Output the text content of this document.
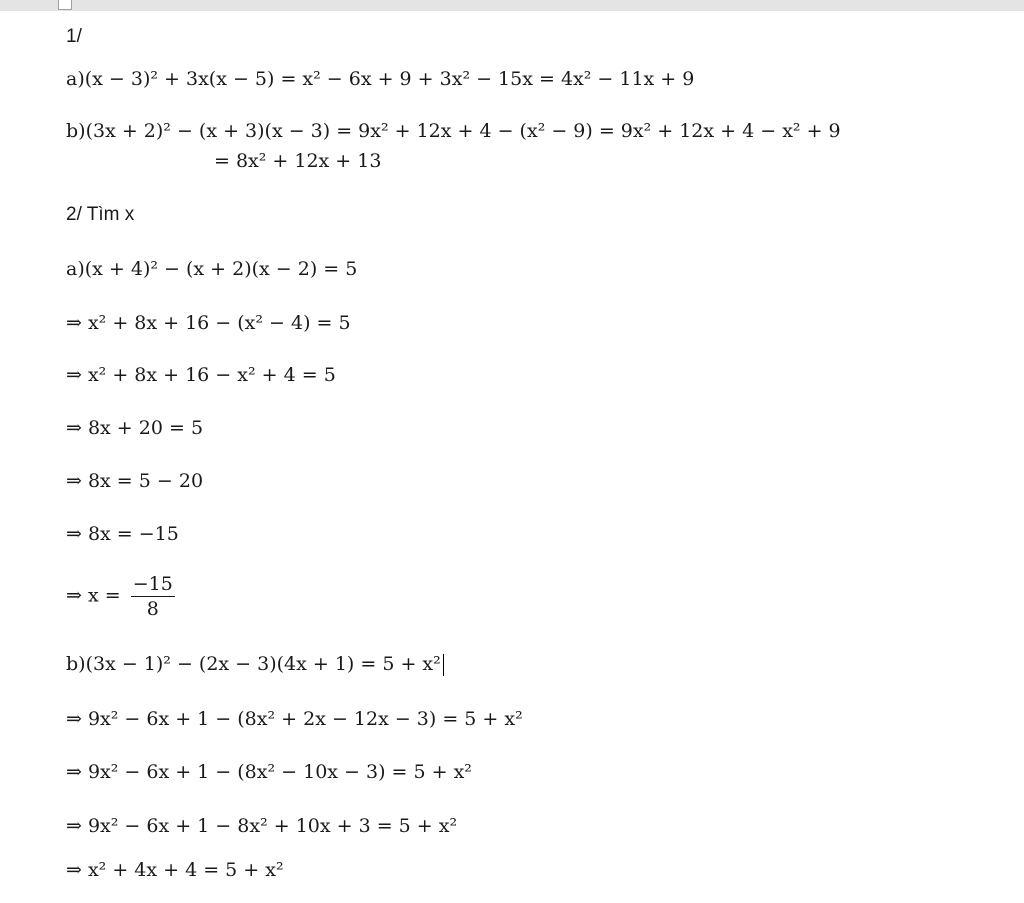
1/
a)(x − 3)² + 3x(x − 5) = x² − 6x + 9 + 3x² − 15x = 4x² − 11x + 9
b)(3x + 2)² − (x + 3)(x − 3) = 9x² + 12x + 4 − (x² − 9) = 9x² + 12x + 4 − x² + 9
= 8x² + 12x + 13
2/ Tìm x
a)(x + 4)² − (x + 2)(x − 2) = 5
⇒ x² + 8x + 16 − (x² − 4) = 5
⇒ x² + 8x + 16 − x² + 4 = 5
⇒ 8x + 20 = 5
⇒ 8x = 5 − 20
⇒ 8x = −15
⇒ $x = \frac{-15}{8}$
b)(3x − 1)² − (2x − 3)(4x + 1) = 5 + x²
⇒ 9x² − 6x + 1 − (8x² + 2x − 12x − 3) = 5 + x²
⇒ 9x² − 6x + 1 − (8x² − 10x − 3) = 5 + x²
⇒ 9x² − 6x + 1 − 8x² + 10x + 3 = 5 + x²
⇒ x² + 4x + 4 = 5 + x²
